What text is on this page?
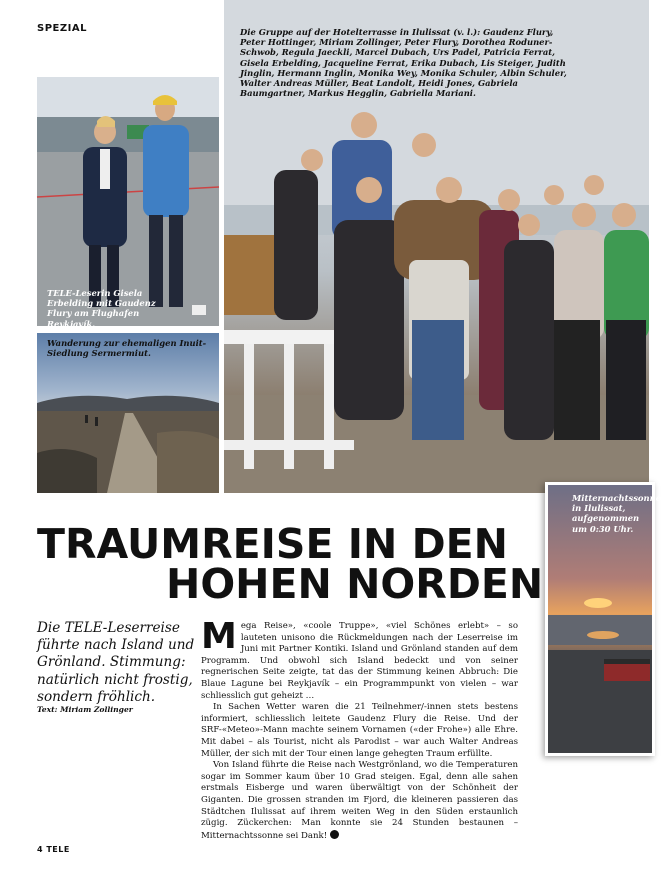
SPEZIAL
TELE-Leserin Gisela Erbelding mit Gaudenz Flury am Flughafen Reykjavík.
Wanderung zur ehemaligen Inuit-Siedlung Sermermiut.
Die Gruppe auf der Hotelterrasse in Ilulissat (v. l.): Gaudenz Flury, Peter Hottinger, Miriam Zollinger, Peter Flury, Dorothea Roduner-Schwob, Regula Jaeckli, Marcel Dubach, Urs Padel, Patricia Ferrat, Gisela Erbelding, Jacqueline Ferrat, Erika Dubach, Lis Steiger, Judith Jinglin, Hermann Inglin, Monika Wey, Monika Schuler, Albin Schuler, Walter Andreas Müller, Beat Landolt, Heidi Jones, Gabriela Baumgartner, Markus Hegglin, Gabriella Mariani.
Mitternachtssonne in Ilulissat, aufgenommen um 0:30 Uhr.
TRAUMREISE IN DEN
HOHEN NORDEN
Die TELE-Leserreise führte nach Island und Grönland. Stimmung: natürlich nicht frostig, sondern fröhlich.
Text: Miriam Zollinger

Mega Reise», «coole Truppe», «viel Schönes erlebt» – so lauteten unisono die Rückmeldungen nach der Leserreise im Juni mit Partner Kontiki. Island und Grönland standen auf dem Programm. Und obwohl sich Island bedeckt und von seiner regnerischen Seite zeigte, tat das der Stimmung keinen Abbruch: Die Blaue Lagune bei Reykjavík – ein Programmpunkt von vielen – war schliesslich gut geheizt …

In Sachen Wetter waren die 21 Teilnehmer/-innen stets bestens informiert, schliesslich leitete Gaudenz Flury die Reise. Und der SRF-«Meteo»-Mann machte seinem Vornamen («der Frohe») alle Ehre. Mit dabei – als Tourist, nicht als Parodist – war auch Walter Andreas Müller, der sich mit der Tour einen lange gehegten Traum erfüllte.

Von Island führte die Reise nach Westgrönland, wo die Temperaturen sogar im Sommer kaum über 10 Grad steigen. Egal, denn alle sahen erstmals Eisberge und waren überwältigt von der Schönheit der Giganten. Die grossen stranden im Fjord, die kleineren passieren das Städtchen Ilulissat auf ihrem weiten Weg in den Süden erstaunlich zügig. Zückerchen: Man konnte sie 24 Stunden bestaunen – Mitternachtssonne sei Dank!

4 TELE
